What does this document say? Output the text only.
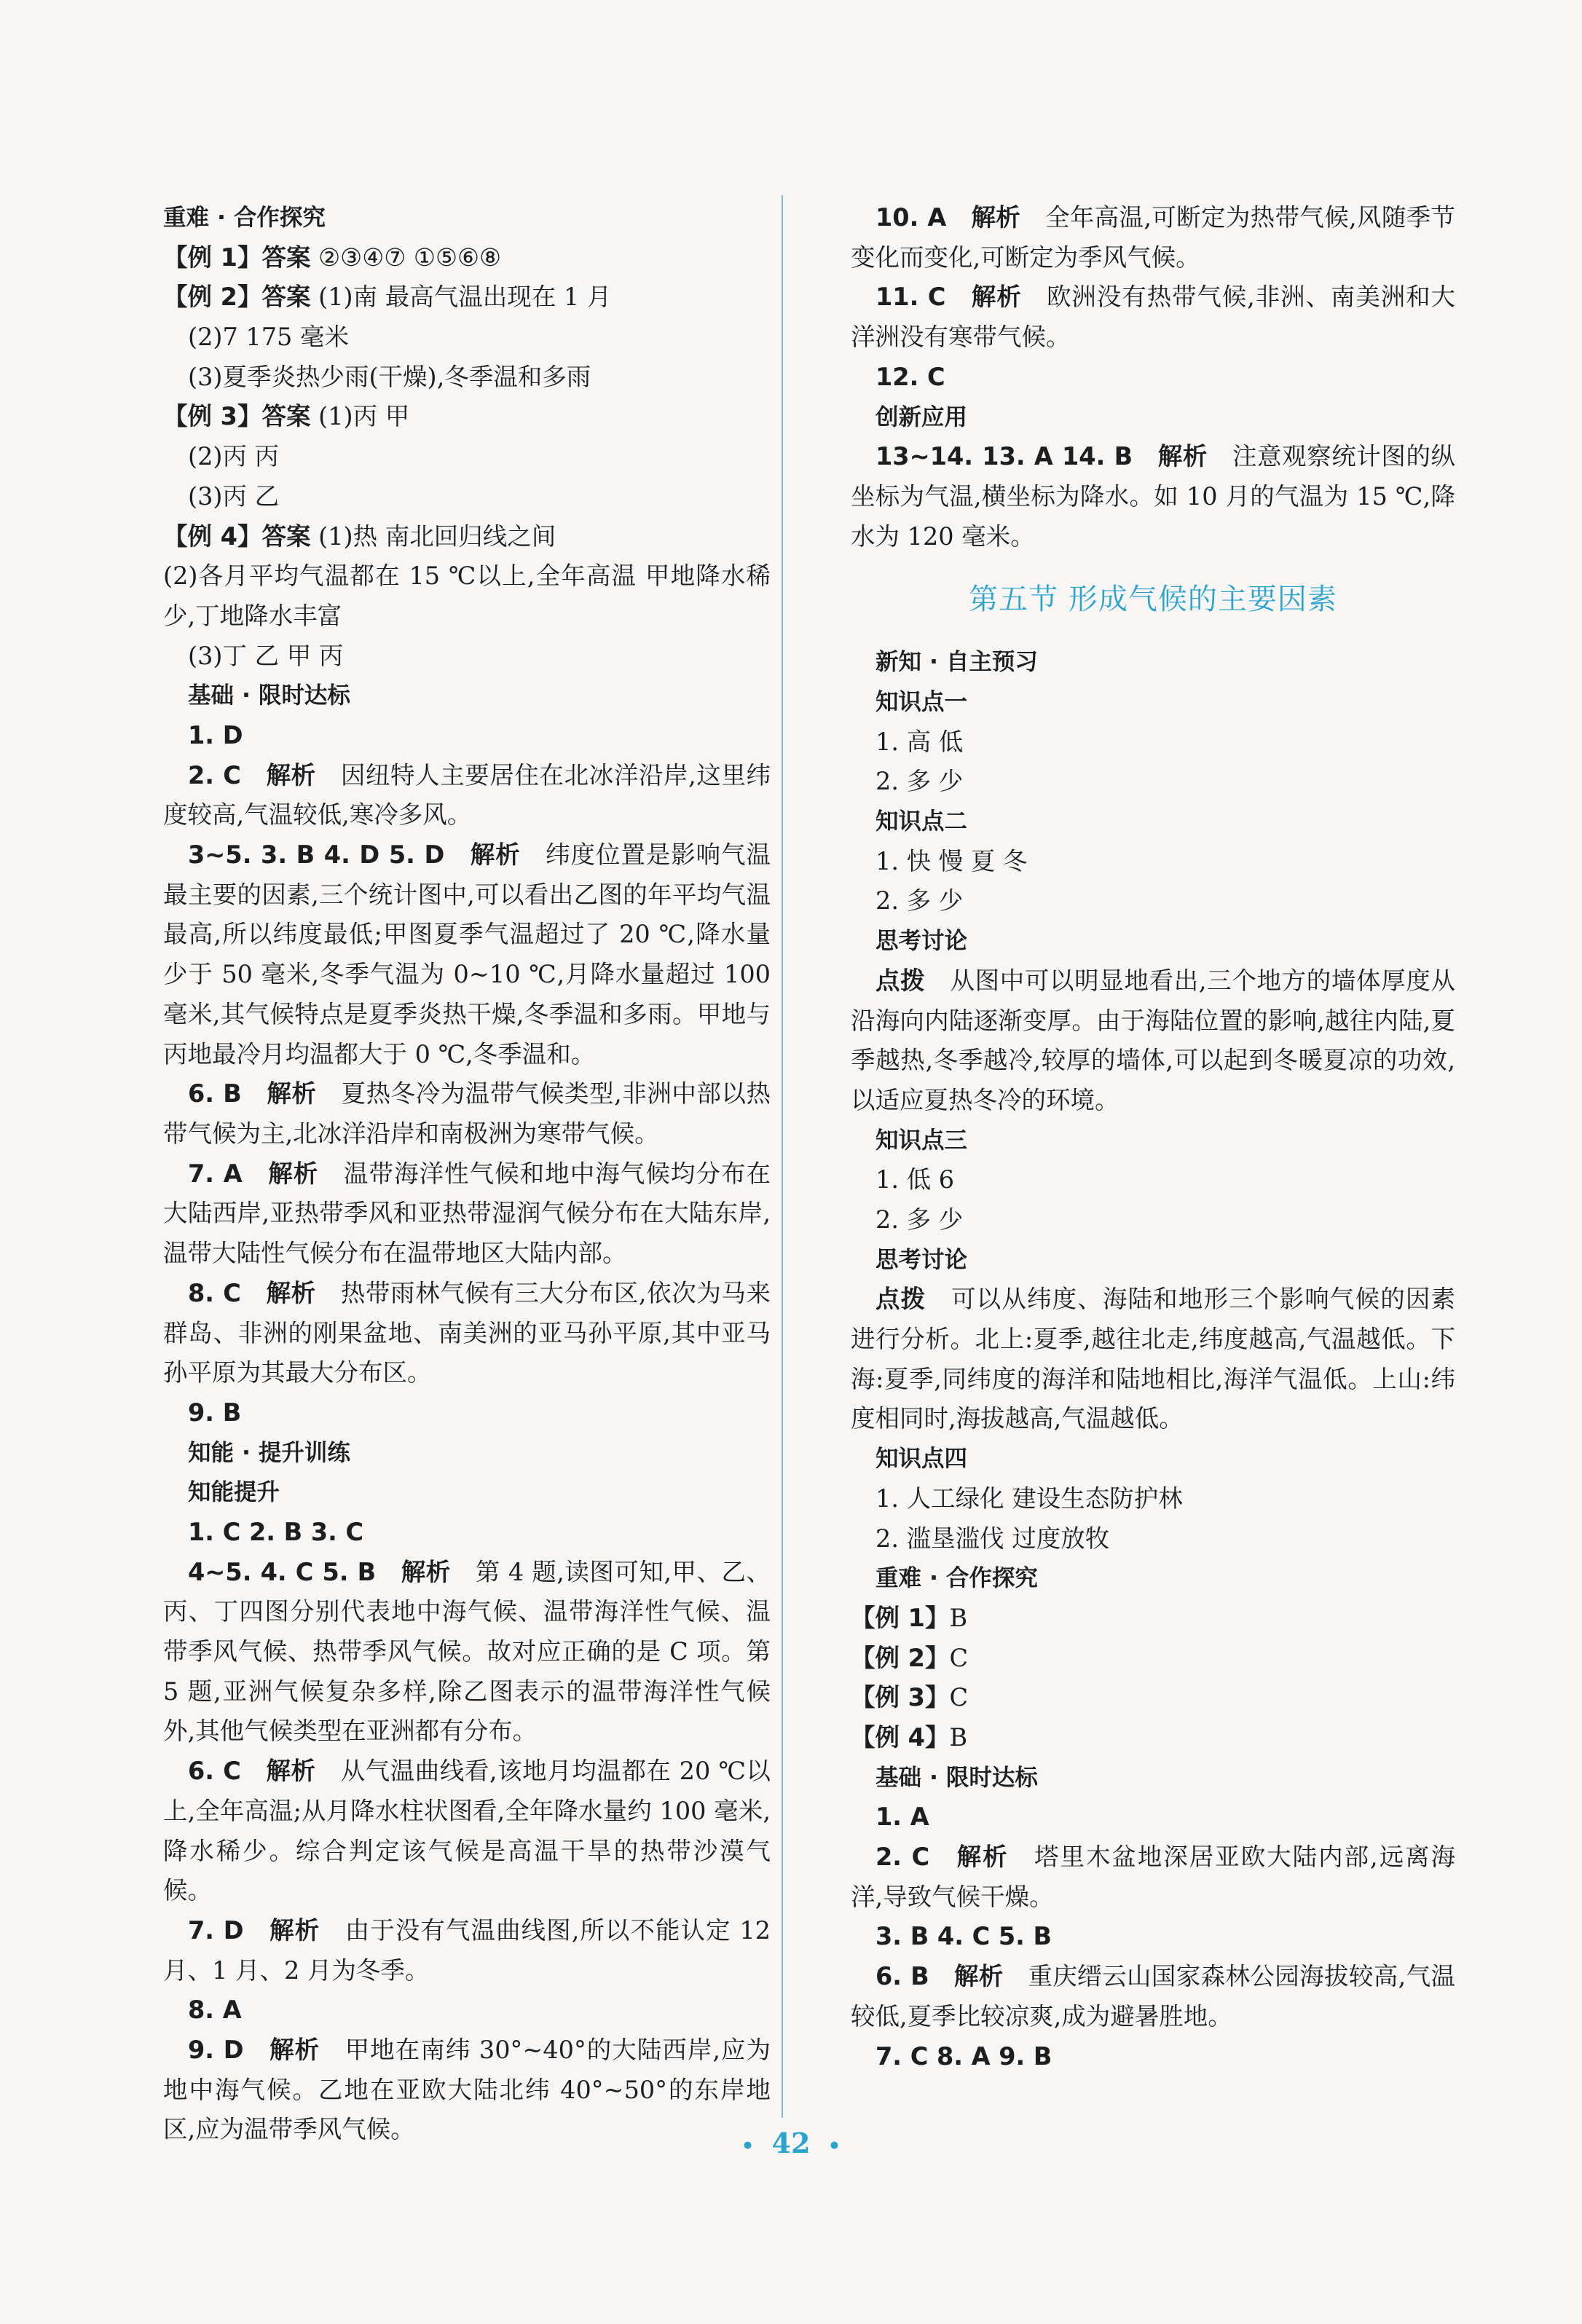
重难 · 合作探究
【例 1】答案 ②③④⑦ ①⑤⑥⑧
【例 2】答案 (1)南 最高气温出现在 1 月
(2)7 175 毫米
(3)夏季炎热少雨(干燥),冬季温和多雨
【例 3】答案 (1)丙 甲
(2)丙 丙
(3)丙 乙
【例 4】答案 (1)热 南北回归线之间
(2)各月平均气温都在 15 ℃以上,全年高温 甲地降水稀少,丁地降水丰富
(3)丁 乙 甲 丙
基础 · 限时达标
1. D

2. C　 解析　 因纽特人主要居住在北冰洋沿岸,这里纬度较高,气温较低,寒冷多风。

3~5. 3. B 4. D 5. D　 解析　 纬度位置是影响气温最主要的因素,三个统计图中,可以看出乙图的年平均气温最高,所以纬度最低;甲图夏季气温超过了 20 ℃,降水量少于 50 毫米,冬季气温为 0~10 ℃,月降水量超过 100 毫米,其气候特点是夏季炎热干燥,冬季温和多雨。甲地与丙地最冷月均温都大于 0 ℃,冬季温和。

6. B　 解析　 夏热冬冷为温带气候类型,非洲中部以热带气候为主,北冰洋沿岸和南极洲为寒带气候。

7. A　 解析　 温带海洋性气候和地中海气候均分布在大陆西岸,亚热带季风和亚热带湿润气候分布在大陆东岸,温带大陆性气候分布在温带地区大陆内部。

8. C　 解析　 热带雨林气候有三大分布区,依次为马来群岛、非洲的刚果盆地、南美洲的亚马孙平原,其中亚马孙平原为其最大分布区。

9. B
知能 · 提升训练
知能提升
1. C 2. B 3. C

4~5. 4. C 5. B　 解析　 第 4 题,读图可知,甲、乙、丙、丁四图分别代表地中海气候、温带海洋性气候、温带季风气候、热带季风气候。故对应正确的是 C 项。第 5 题,亚洲气候复杂多样,除乙图表示的温带海洋性气候外,其他气候类型在亚洲都有分布。

6. C　 解析　 从气温曲线看,该地月均温都在 20 ℃以上,全年高温;从月降水柱状图看,全年降水量约 100 毫米,降水稀少。综合判定该气候是高温干旱的热带沙漠气候。

7. D　 解析　 由于没有气温曲线图,所以不能认定 12 月、1 月、2 月为冬季。

8. A

9. D　 解析　 甲地在南纬 30°~40°的大陆西岸,应为地中海气候。乙地在亚欧大陆北纬 40°~50°的东岸地区,应为温带季风气候。

10. A　 解析　 全年高温,可断定为热带气候,风随季节变化而变化,可断定为季风气候。

11. C　 解析　 欧洲没有热带气候,非洲、南美洲和大洋洲没有寒带气候。

12. C
创新应用

13~14. 13. A 14. B　 解析　 注意观察统计图的纵坐标为气温,横坐标为降水。如 10 月的气温为 15 ℃,降水为 120 毫米。

第五节 形成气候的主要因素
新知 · 自主预习
知识点一
1. 高 低
2. 多 少
知识点二
1. 快 慢 夏 冬
2. 多 少
思考讨论

点拨　 从图中可以明显地看出,三个地方的墙体厚度从沿海向内陆逐渐变厚。由于海陆位置的影响,越往内陆,夏季越热,冬季越冷,较厚的墙体,可以起到冬暖夏凉的功效,以适应夏热冬冷的环境。

知识点三
1. 低 6
2. 多 少
思考讨论

点拨　 可以从纬度、海陆和地形三个影响气候的因素进行分析。北上:夏季,越往北走,纬度越高,气温越低。下海:夏季,同纬度的海洋和陆地相比,海洋气温低。上山:纬度相同时,海拔越高,气温越低。

知识点四
1. 人工绿化 建设生态防护林
2. 滥垦滥伐 过度放牧
重难 · 合作探究
【例 1】B
【例 2】C
【例 3】C
【例 4】B
基础 · 限时达标
1. A

2. C　 解析　 塔里木盆地深居亚欧大陆内部,远离海洋,导致气候干燥。

3. B 4. C 5. B

6. B　 解析　 重庆缙云山国家森林公园海拔较高,气温较低,夏季比较凉爽,成为避暑胜地。

7. C 8. A 9. B
• 42 •
